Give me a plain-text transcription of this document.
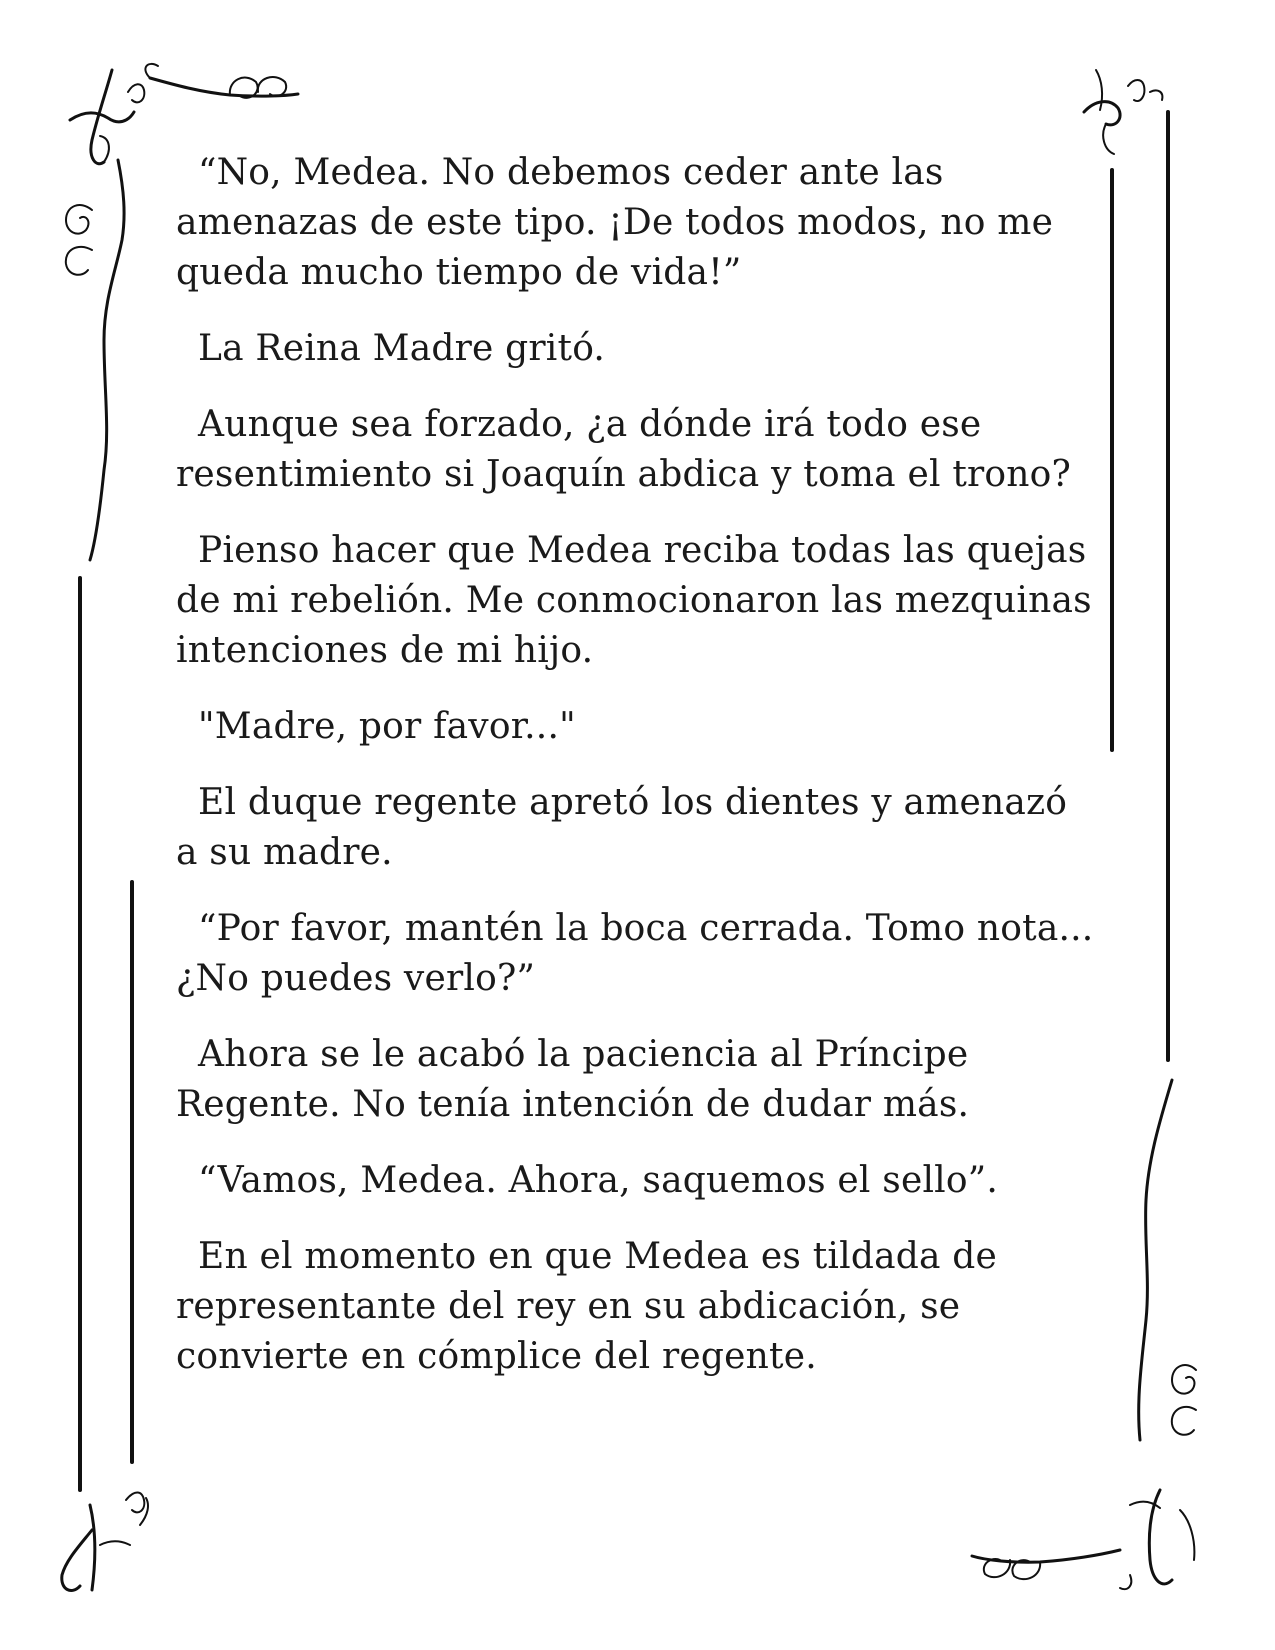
“No, Medea. No debemos ceder ante las amenazas de este tipo. ¡De todos modos, no me queda mucho tiempo de vida!”

La Reina Madre gritó.

Aunque sea forzado, ¿a dónde irá todo ese resentimiento si Joaquín abdica y toma el trono?

Pienso hacer que Medea reciba todas las quejas de mi rebelión. Me conmocionaron las mezquinas intenciones de mi hijo.

"Madre, por favor..."

El duque regente apretó los dientes y amenazó a su madre.

“Por favor, mantén la boca cerrada. Tomo nota... ¿No puedes verlo?”

Ahora se le acabó la paciencia al Príncipe Regente. No tenía intención de dudar más.

“Vamos, Medea. Ahora, saquemos el sello”.

En el momento en que Medea es tildada de representante del rey en su abdicación, se convierte en cómplice del regente.
